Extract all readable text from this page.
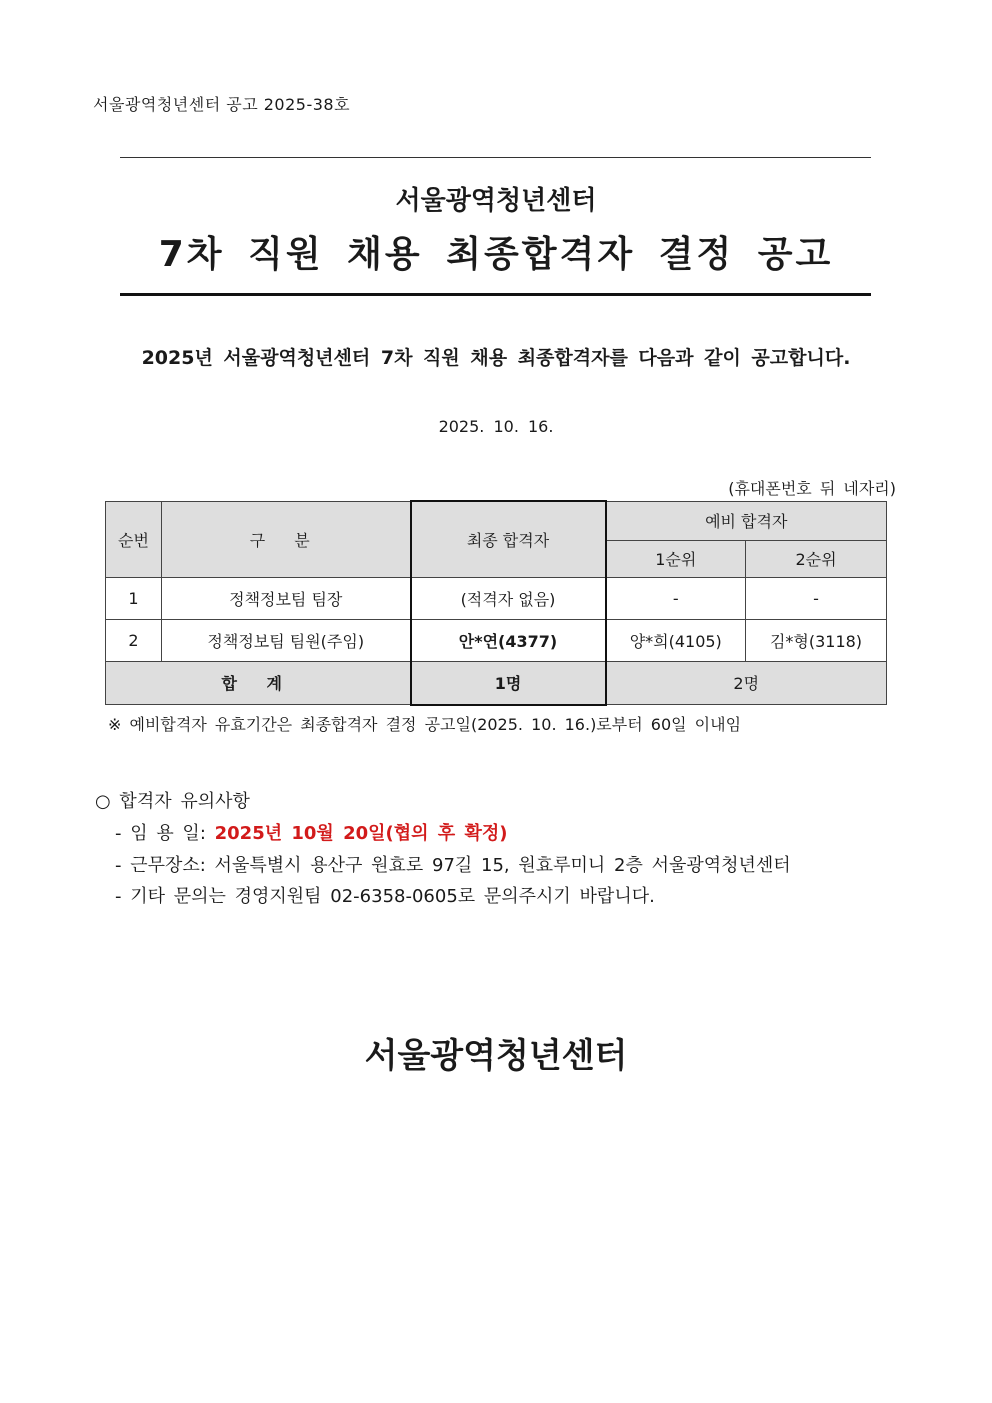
서울광역청년센터 공고 2025-38호
서울광역청년센터
7차 직원 채용 최종합격자 결정 공고
2025년 서울광역청년센터 7차 직원 채용 최종합격자를 다음과 같이 공고합니다.
2025. 10. 16.
(휴대폰번호 뒤 네자리)
순번	구 분	최종 합격자	예비 합격자	
			1순위	2순위
1	정책정보팀 팀장	(적격자 없음)	-	-
2	정책정보팀 팀원(주임)	안*연(4377)	양*희(4105)	김*형(3118)
합 계		1명	2명	
※ 예비합격자 유효기간은 최종합격자 결정 공고일(2025. 10. 16.)로부터 60일 이내임
○ 합격자 유의사항
- 임 용 일: 2025년 10월 20일(협의 후 확정)
- 근무장소: 서울특별시 용산구 원효로 97길 15, 원효루미니 2층 서울광역청년센터
- 기타 문의는 경영지원팀 02-6358-0605로 문의주시기 바랍니다.
서울광역청년센터
